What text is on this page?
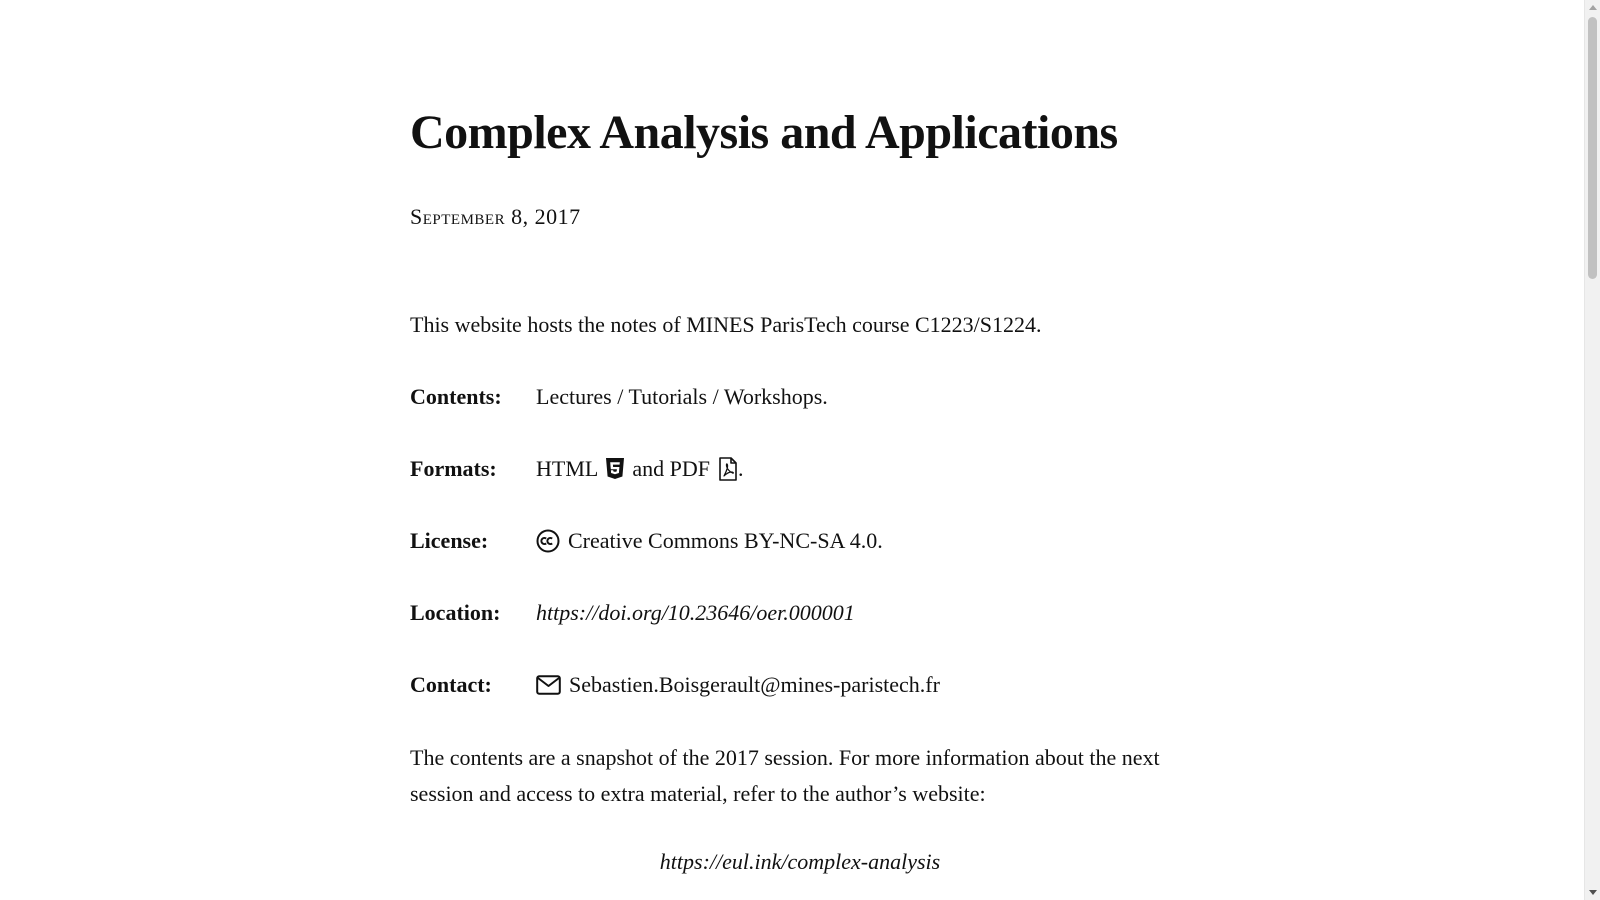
Complex Analysis and Applications
September 8, 2017
This website hosts the notes of MINES ParisTech course C1223/S1224.
Contents: Lectures / Tutorials / Workshops.
Formats: HTML and PDF .
License:	Creative Commons BY-NC-SA 4.0.
Location: https://doi.org/10.23646/oer.000001
Contact:	Sebastien.Boisgerault@mines-paristech.fr

The contents are a snapshot of the 2017 session. For more information about the next session and access to extra material, refer to the author’s website:

https://eul.ink/complex-analysis
